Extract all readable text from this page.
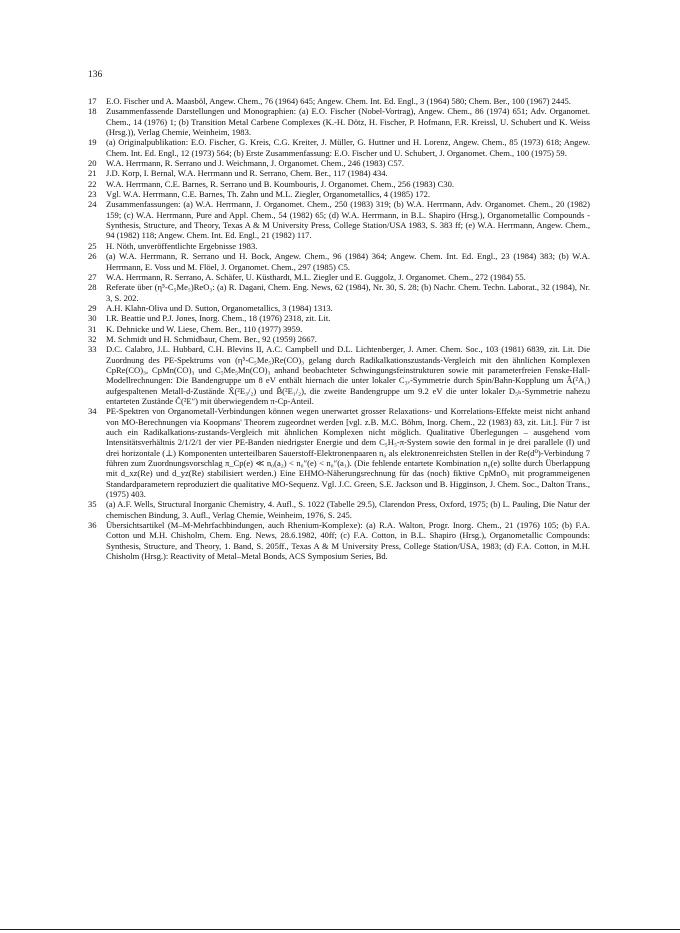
136
17 E.O. Fischer und A. Maasböl, Angew. Chem., 76 (1964) 645; Angew. Chem. Int. Ed. Engl., 3 (1964) 580; Chem. Ber., 100 (1967) 2445.
18 Zusammenfassende Darstellungen und Monographien: (a) E.O. Fischer (Nobel-Vortrag), Angew. Chem., 86 (1974) 651; Adv. Organomet. Chem., 14 (1976) 1; (b) Transition Metal Carbene Complexes (K.-H. Dötz, H. Fischer, P. Hofmann, F.R. Kreissl, U. Schubert und K. Weiss (Hrsg.)), Verlag Chemie, Weinheim, 1983.
19 (a) Originalpublikation: E.O. Fischer, G. Kreis, C.G. Kreiter, J. Müller, G. Huttner und H. Lorenz, Angew. Chem., 85 (1973) 618; Angew. Chem. Int. Ed. Engl., 12 (1973) 564; (b) Erste Zusammenfassung: E.O. Fischer und U. Schubert, J. Organomet. Chem., 100 (1975) 59.
20 W.A. Herrmann, R. Serrano und J. Weichmann, J. Organomet. Chem., 246 (1983) C57.
21 J.D. Korp, I. Bernal, W.A. Herrmann und R. Serrano, Chem. Ber., 117 (1984) 434.
22 W.A. Herrmann, C.E. Barnes, R. Serrano und B. Koumbouris, J. Organomet. Chem., 256 (1983) C30.
23 Vgl. W.A. Herrmann, C.E. Barnes, Th. Zahn und M.L. Ziegler, Organometallics, 4 (1985) 172.
24 Zusammenfassungen: (a) W.A. Herrmann, J. Organomet. Chem., 250 (1983) 319; (b) W.A. Herrmann, Adv. Organomet. Chem., 20 (1982) 159; (c) W.A. Herrmann, Pure and Appl. Chem., 54 (1982) 65; (d) W.A. Herrmann, in B.L. Shapiro (Hrsg.), Organometallic Compounds - Synthesis, Structure, and Theory, Texas A & M University Press, College Station/USA 1983, S. 383 ff; (e) W.A. Herrmann, Angew. Chem., 94 (1982) 118; Angew. Chem. Int. Ed. Engl., 21 (1982) 117.
25 H. Nöth, unveröffentlichte Ergebnisse 1983.
26 (a) W.A. Herrmann, R. Serrano und H. Bock, Angew. Chem., 96 (1984) 364; Angew. Chem. Int. Ed. Engl., 23 (1984) 383; (b) W.A. Herrmann, E. Voss und M. Flöel, J. Organomet. Chem., 297 (1985) C5.
27 W.A. Herrmann, R. Serrano, A. Schäfer, U. Küsthardt, M.L. Ziegler und E. Guggolz, J. Organomet. Chem., 272 (1984) 55.
28 Referate über (η⁵-C₅Me₅)ReO₃: (a) R. Dagani, Chem. Eng. News, 62 (1984), Nr. 30, S. 28; (b) Nachr. Chem. Techn. Laborat., 32 (1984), Nr. 3, S. 202.
29 A.H. Klahn-Oliva und D. Sutton, Organometallics, 3 (1984) 1313.
30 I.R. Beattie und P.J. Jones, Inorg. Chem., 18 (1976) 2318, zit. Lit.
31 K. Dehnicke und W. Liese, Chem. Ber., 110 (1977) 3959.
32 M. Schmidt und H. Schmidbaur, Chem. Ber., 92 (1959) 2667.
33 D.C. Calabro, J.L. Hubbard, C.H. Blevins II, A.C. Campbell und D.L. Lichtenberger, J. Amer. Chem. Soc., 103 (1981) 6839, zit. Lit. Die Zuordnung des PE-Spektrums von (η⁵-C₅Me₅)Re(CO)₃ gelang durch Radikalkationszustands-Vergleich mit den ähnlichen Komplexen CpRe(CO)₃, CpMn(CO)₃ und C₅Me₅Mn(CO)₃ anhand beobachteter Schwingungsfeinstrukturen sowie mit parameterfreien Fenske-Hall-Modellrechnungen: Die Bandengruppe um 8 eV enthält hiernach die unter lokaler C₃ᵥ-Symmetrie durch Spin/Bahn-Kopplung um Ã(²A₁) aufgespaltenen Metall-d-Zustände X̃(²E₃/₂) und B̃(²E₁/₂), die zweite Bandengruppe um 9.2 eV die unter lokaler D₅ₕ-Symmetrie nahezu entarteten Zustände C̃(²E″) mit überwiegendem π-Cp-Anteil.
34 PE-Spektren von Organometall-Verbindungen können wegen unerwartet grosser Relaxations- und Korrelations-Effekte meist nicht anhand von MO-Berechnungen via Koopmans' Theorem zugeordnet werden [vgl. z.B. M.C. Böhm, Inorg. Chem., 22 (1983) 83, zit. Lit.]. Für 7 ist auch ein Radikalkations-zustands-Vergleich mit ähnlichen Komplexen nicht möglich. Qualitative Überlegungen – ausgehend vom Intensitätsverhältnis 2/1/2/1 der vier PE-Banden niedrigster Energie und dem C₅H₅-π-System sowie den formal in je drei parallele (‖) und drei horizontale (⊥) Komponenten unterteilbaren Sauerstoff-Elektronenpaaren n₀ als elektronenreichsten Stellen in der Re(d⁰)-Verbindung 7 führen zum Zuordnungsvorschlag π_Cp(e) ≪ n₀(a₂) < n₀″(e) < n₀″(a₁). (Die fehlende entartete Kombination n₀(e) sollte durch Überlappung mit d_xz(Re) und d_yz(Re) stabilisiert werden.) Eine EHMO-Näherungsrechnung für das (noch) fiktive CpMnO₃ mit programmeigenen Standardparametern reproduziert die qualitative MO-Sequenz. Vgl. J.C. Green, S.E. Jackson und B. Higginson, J. Chem. Soc., Dalton Trans., (1975) 403.
35 (a) A.F. Wells, Structural Inorganic Chemistry, 4. Aufl., S. 1022 (Tabelle 29.5), Clarendon Press, Oxford, 1975; (b) L. Pauling, Die Natur der chemischen Bindung, 3. Aufl., Verlag Chemie, Weinheim, 1976, S. 245.
36 Übersichtsartikel (M–M-Mehrfachbindungen, auch Rhenium-Komplexe): (a) R.A. Walton, Progr. Inorg. Chem., 21 (1976) 105; (b) F.A. Cotton und M.H. Chisholm, Chem. Eng. News, 28.6.1982, 40ff; (c) F.A. Cotton, in B.L. Shapiro (Hrsg.), Organometallic Compounds: Synthesis, Structure, and Theory, 1. Band, S. 205ff., Texas A & M University Press, College Station/USA, 1983; (d) F.A. Cotton, in M.H. Chisholm (Hrsg.): Reactivity of Metal–Metal Bonds, ACS Symposium Series, Bd.
